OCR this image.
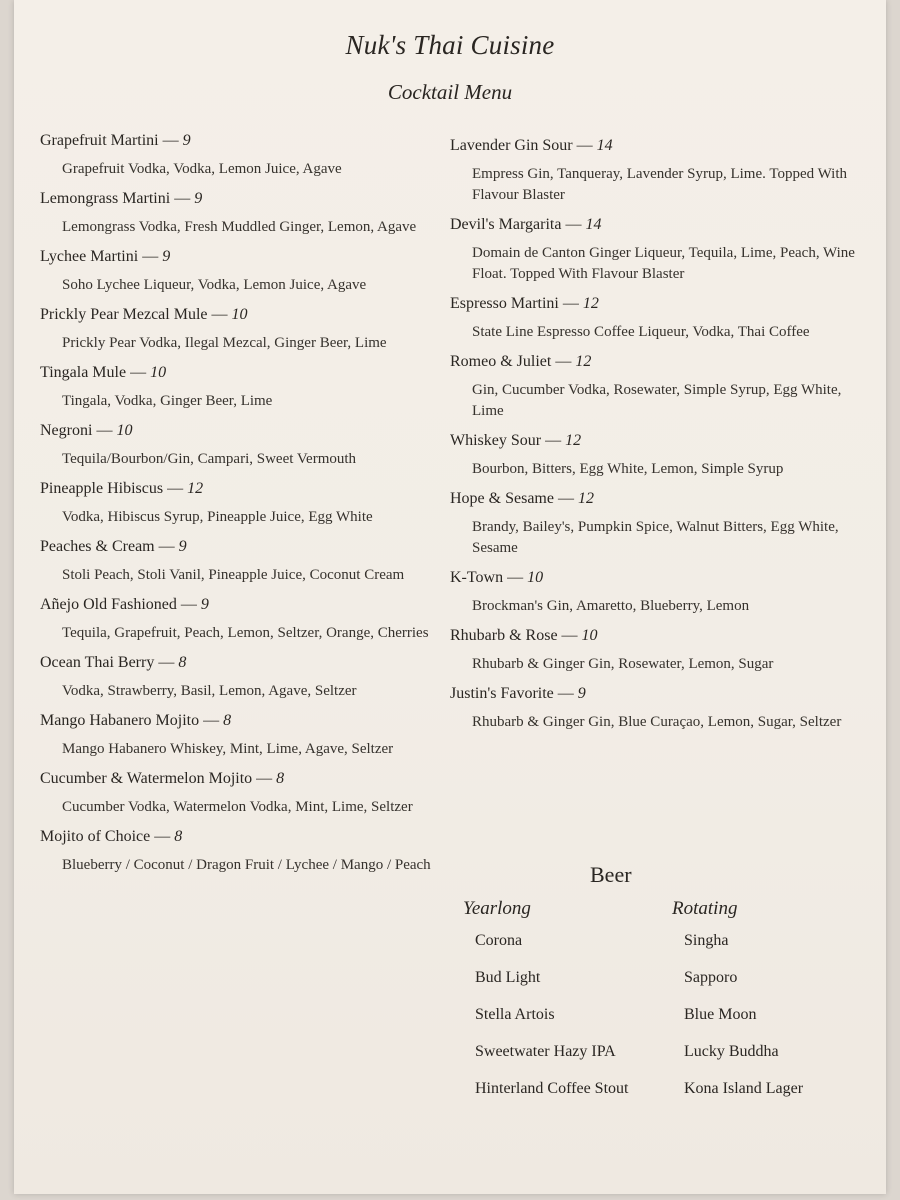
Nuk's Thai Cuisine
Cocktail Menu
Grapefruit Martini — 9
Grapefruit Vodka, Vodka, Lemon Juice, Agave
Lemongrass Martini — 9
Lemongrass Vodka, Fresh Muddled Ginger, Lemon, Agave
Lychee Martini — 9
Soho Lychee Liqueur, Vodka, Lemon Juice, Agave
Prickly Pear Mezcal Mule — 10
Prickly Pear Vodka, Ilegal Mezcal, Ginger Beer, Lime
Tingala Mule — 10
Tingala, Vodka, Ginger Beer, Lime
Negroni — 10
Tequila/Bourbon/Gin, Campari, Sweet Vermouth
Pineapple Hibiscus — 12
Vodka, Hibiscus Syrup, Pineapple Juice, Egg White
Peaches & Cream — 9
Stoli Peach, Stoli Vanil, Pineapple Juice, Coconut Cream
Añejo Old Fashioned — 9
Tequila, Grapefruit, Peach, Lemon, Seltzer, Orange, Cherries
Ocean Thai Berry — 8
Vodka, Strawberry, Basil, Lemon, Agave, Seltzer
Mango Habanero Mojito — 8
Mango Habanero Whiskey, Mint, Lime, Agave, Seltzer
Cucumber & Watermelon Mojito — 8
Cucumber Vodka, Watermelon Vodka, Mint, Lime, Seltzer
Mojito of Choice — 8
Blueberry / Coconut / Dragon Fruit / Lychee / Mango / Peach
Lavender Gin Sour — 14
Empress Gin, Tanqueray, Lavender Syrup, Lime. Topped With Flavour Blaster
Devil's Margarita — 14
Domain de Canton Ginger Liqueur, Tequila, Lime, Peach, Wine Float. Topped With Flavour Blaster
Espresso Martini — 12
State Line Espresso Coffee Liqueur, Vodka, Thai Coffee
Romeo & Juliet — 12
Gin, Cucumber Vodka, Rosewater, Simple Syrup, Egg White, Lime
Whiskey Sour — 12
Bourbon, Bitters, Egg White, Lemon, Simple Syrup
Hope & Sesame — 12
Brandy, Bailey's, Pumpkin Spice, Walnut Bitters, Egg White, Sesame
K-Town — 10
Brockman's Gin, Amaretto, Blueberry, Lemon
Rhubarb & Rose — 10
Rhubarb & Ginger Gin, Rosewater, Lemon, Sugar
Justin's Favorite — 9
Rhubarb & Ginger Gin, Blue Curaçao, Lemon, Sugar, Seltzer
Beer
Yearlong
Corona
Bud Light
Stella Artois
Sweetwater Hazy IPA
Hinterland Coffee Stout
Rotating
Singha
Sapporo
Blue Moon
Lucky Buddha
Kona Island Lager
